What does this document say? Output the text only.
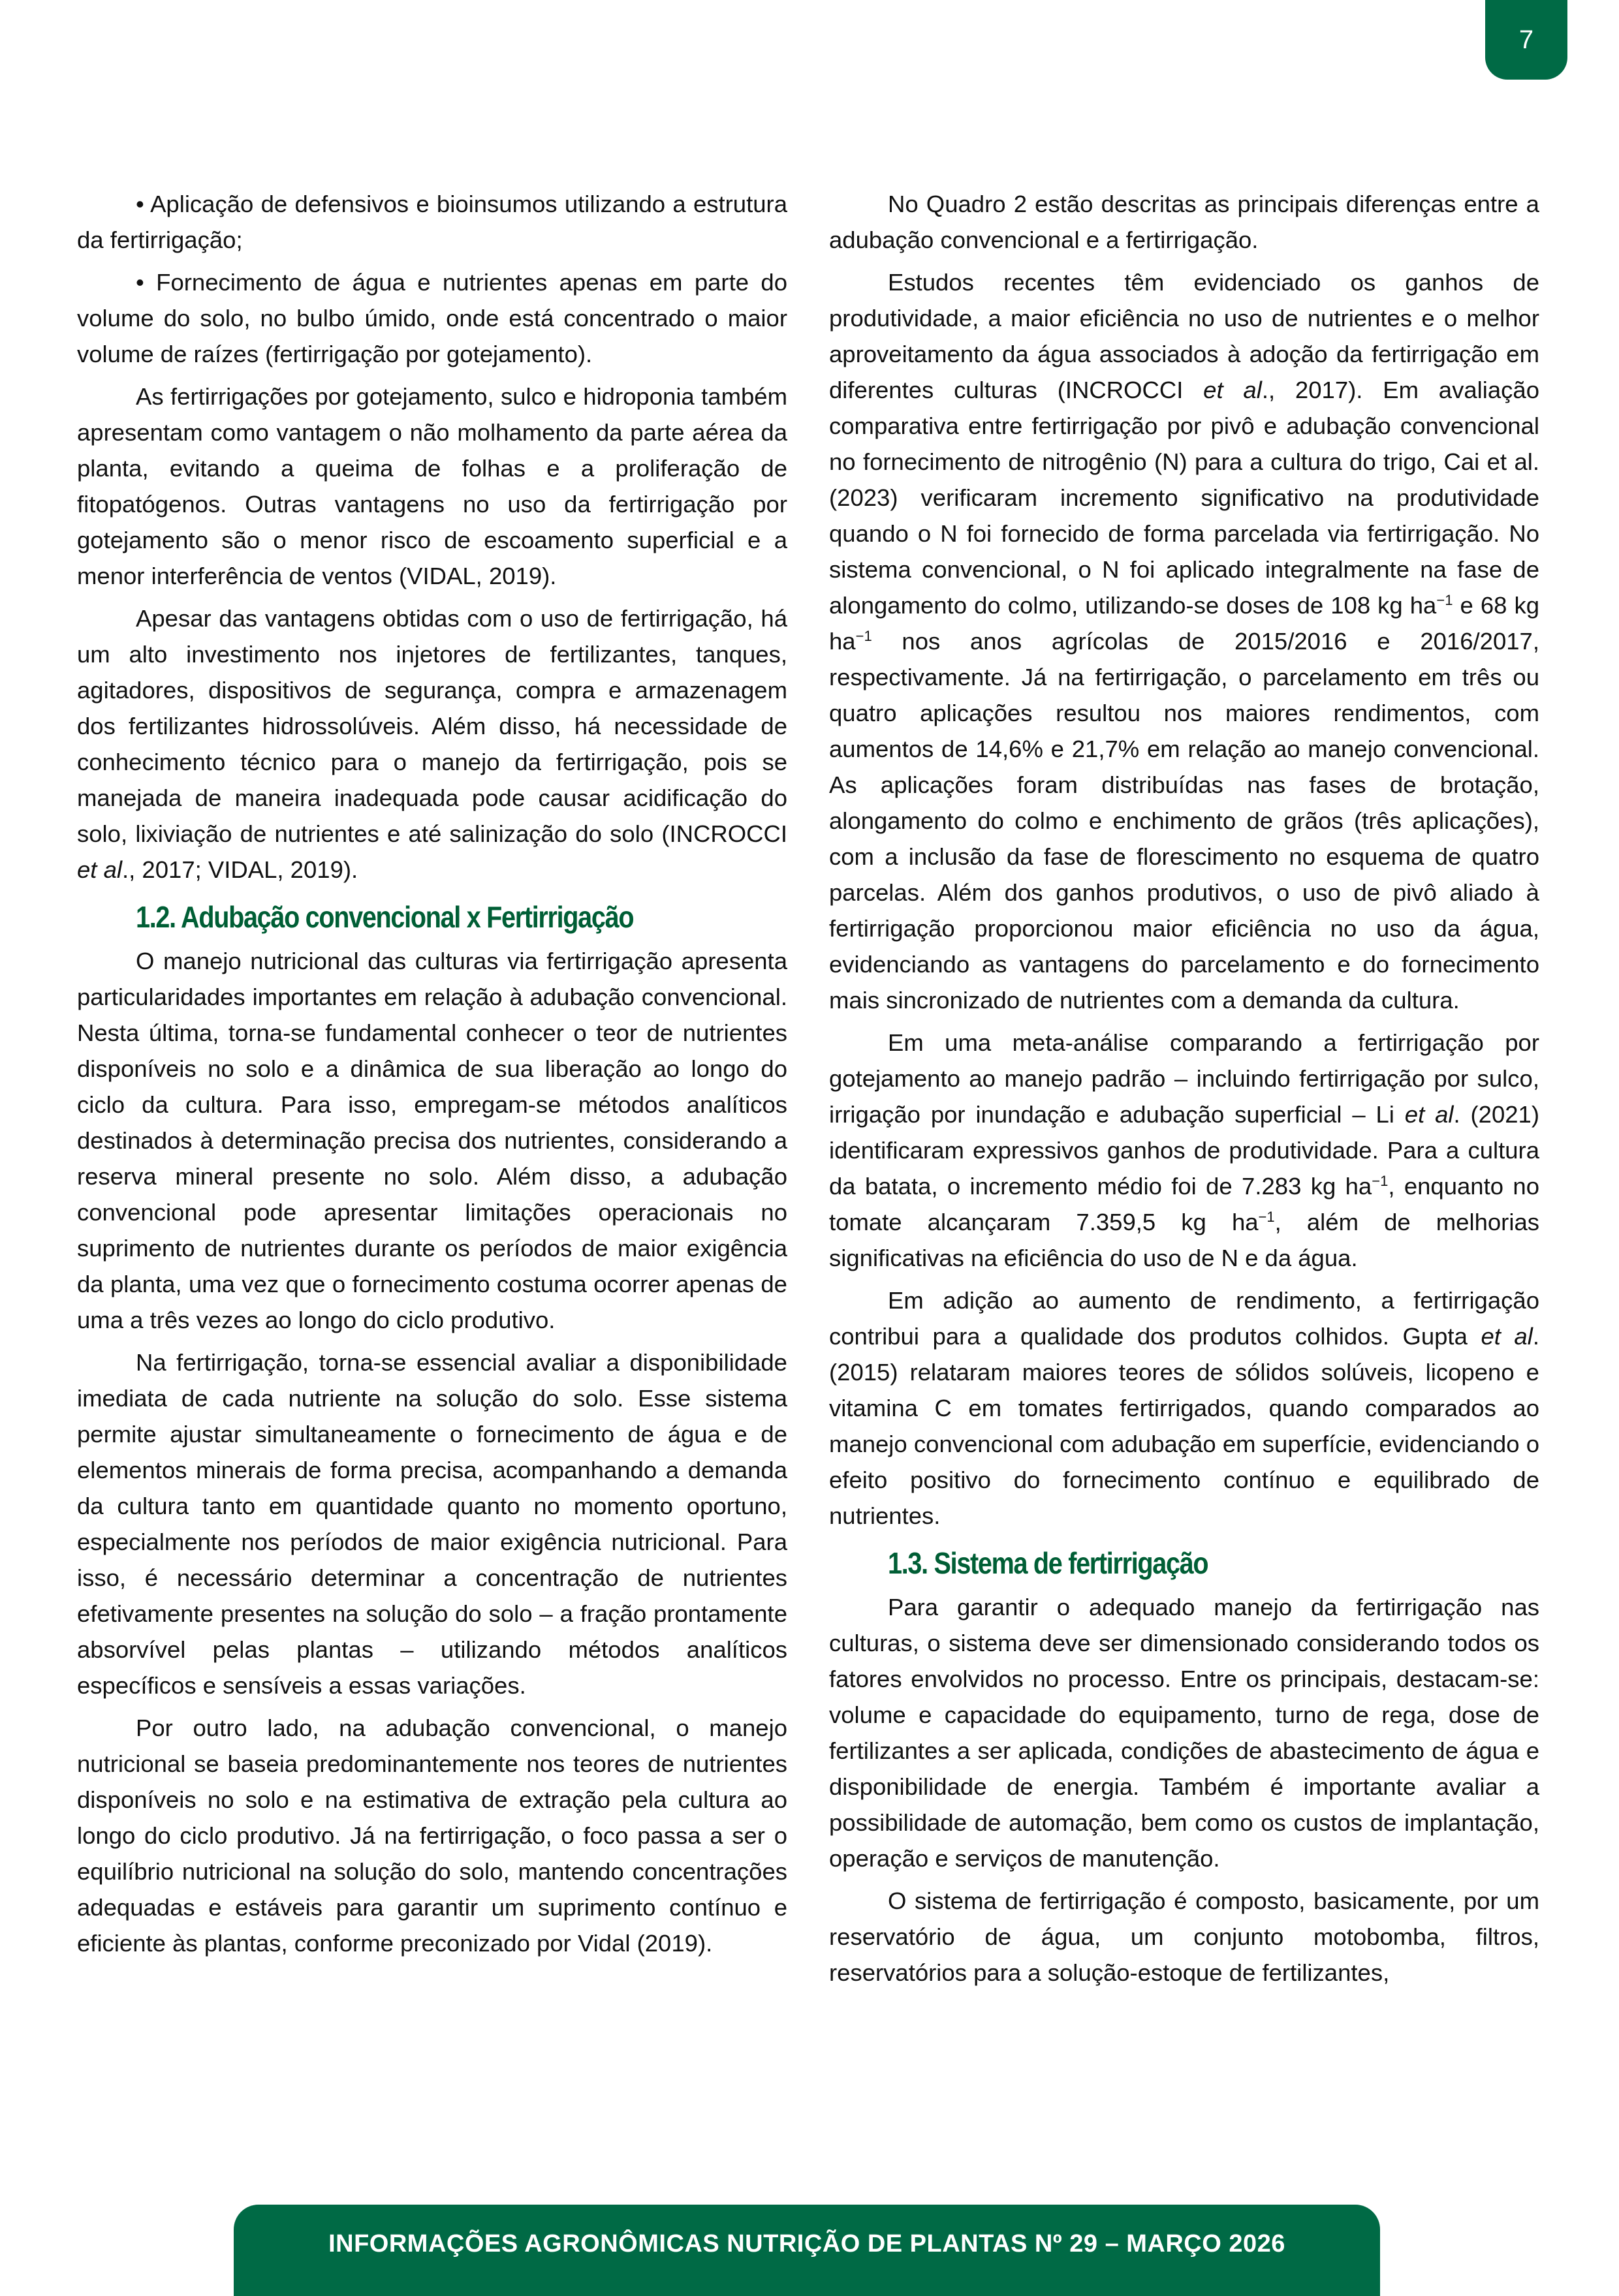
7

• Aplicação de defensivos e bioinsumos utilizando a estrutura da fertirrigação;

• Fornecimento de água e nutrientes apenas em parte do volume do solo, no bulbo úmido, onde está concentrado o maior volume de raízes (fertirrigação por gotejamento).

As fertirrigações por gotejamento, sulco e hidroponia também apresentam como vantagem o não molhamento da parte aérea da planta, evitando a queima de folhas e a proliferação de fitopatógenos. Outras vantagens no uso da fertirrigação por gotejamento são o menor risco de escoamento superficial e a menor interferência de ventos (VIDAL, 2019).

Apesar das vantagens obtidas com o uso de fertirrigação, há um alto investimento nos injetores de fertilizantes, tanques, agitadores, dispositivos de segurança, compra e armazenagem dos fertilizantes hidrossolúveis. Além disso, há necessidade de conhecimento técnico para o manejo da fertirrigação, pois se manejada de maneira inadequada pode causar acidificação do solo, lixiviação de nutrientes e até salinização do solo (INCROCCI et al., 2017; VIDAL, 2019).

1.2. Adubação convencional x Fertirrigação

O manejo nutricional das culturas via fertirrigação apresenta particularidades importantes em relação à adubação convencional. Nesta última, torna-se fundamental conhecer o teor de nutrientes disponíveis no solo e a dinâmica de sua liberação ao longo do ciclo da cultura. Para isso, empregam-se métodos analíticos destinados à determinação precisa dos nutrientes, considerando a reserva mineral presente no solo. Além disso, a adubação convencional pode apresentar limitações operacionais no suprimento de nutrientes durante os períodos de maior exigência da planta, uma vez que o fornecimento costuma ocorrer apenas de uma a três vezes ao longo do ciclo produtivo.

Na fertirrigação, torna-se essencial avaliar a disponibilidade imediata de cada nutriente na solução do solo. Esse sistema permite ajustar simultaneamente o fornecimento de água e de elementos minerais de forma precisa, acompanhando a demanda da cultura tanto em quantidade quanto no momento oportuno, especialmente nos períodos de maior exigência nutricional. Para isso, é necessário determinar a concentração de nutrientes efetivamente presentes na solução do solo – a fração prontamente absorvível pelas plantas – utilizando métodos analíticos específicos e sensíveis a essas variações.

Por outro lado, na adubação convencional, o manejo nutricional se baseia predominantemente nos teores de nutrientes disponíveis no solo e na estimativa de extração pela cultura ao longo do ciclo produtivo. Já na fertirrigação, o foco passa a ser o equilíbrio nutricional na solução do solo, mantendo concentrações adequadas e estáveis para garantir um suprimento contínuo e eficiente às plantas, conforme preconizado por Vidal (2019).

No Quadro 2 estão descritas as principais diferenças entre a adubação convencional e a fertirrigação.

Estudos recentes têm evidenciado os ganhos de produtividade, a maior eficiência no uso de nutrientes e o melhor aproveitamento da água associados à adoção da fertirrigação em diferentes culturas (INCROCCI et al., 2017). Em avaliação comparativa entre fertirrigação por pivô e adubação convencional no fornecimento de nitrogênio (N) para a cultura do trigo, Cai et al. (2023) verificaram incremento significativo na produtividade quando o N foi fornecido de forma parcelada via fertirrigação. No sistema convencional, o N foi aplicado integralmente na fase de alongamento do colmo, utilizando-se doses de 108 kg $ha^{-1}$ e 68 kg $ha^{-1}$ nos anos agrícolas de 2015/2016 e 2016/2017, respectivamente. Já na fertirrigação, o parcelamento em três ou quatro aplicações resultou nos maiores rendimentos, com aumentos de 14,6% e 21,7% em relação ao manejo convencional. As aplicações foram distribuídas nas fases de brotação, alongamento do colmo e enchimento de grãos (três aplicações), com a inclusão da fase de florescimento no esquema de quatro parcelas. Além dos ganhos produtivos, o uso de pivô aliado à fertirrigação proporcionou maior eficiência no uso da água, evidenciando as vantagens do parcelamento e do fornecimento mais sincronizado de nutrientes com a demanda da cultura.

Em uma meta-análise comparando a fertirrigação por gotejamento ao manejo padrão – incluindo fertirrigação por sulco, irrigação por inundação e adubação superficial – Li et al. (2021) identificaram expressivos ganhos de produtividade. Para a cultura da batata, o incremento médio foi de 7.283 kg $ha^{-1}$, enquanto no tomate alcançaram 7.359,5 kg $ha^{-1}$, além de melhorias significativas na eficiência do uso de N e da água.

Em adição ao aumento de rendimento, a fertirrigação contribui para a qualidade dos produtos colhidos. Gupta et al. (2015) relataram maiores teores de sólidos solúveis, licopeno e vitamina C em tomates fertirrigados, quando comparados ao manejo convencional com adubação em superfície, evidenciando o efeito positivo do fornecimento contínuo e equilibrado de nutrientes.

1.3. Sistema de fertirrigação

Para garantir o adequado manejo da fertirrigação nas culturas, o sistema deve ser dimensionado considerando todos os fatores envolvidos no processo. Entre os principais, destacam-se: volume e capacidade do equipamento, turno de rega, dose de fertilizantes a ser aplicada, condições de abastecimento de água e disponibilidade de energia. Também é importante avaliar a possibilidade de automação, bem como os custos de implantação, operação e serviços de manutenção.

O sistema de fertirrigação é composto, basicamente, por um reservatório de água, um conjunto motobomba, filtros, reservatórios para a solução-estoque de fertilizantes,

INFORMAÇÕES AGRONÔMICAS NUTRIÇÃO DE PLANTAS Nº 29 – MARÇO 2026
